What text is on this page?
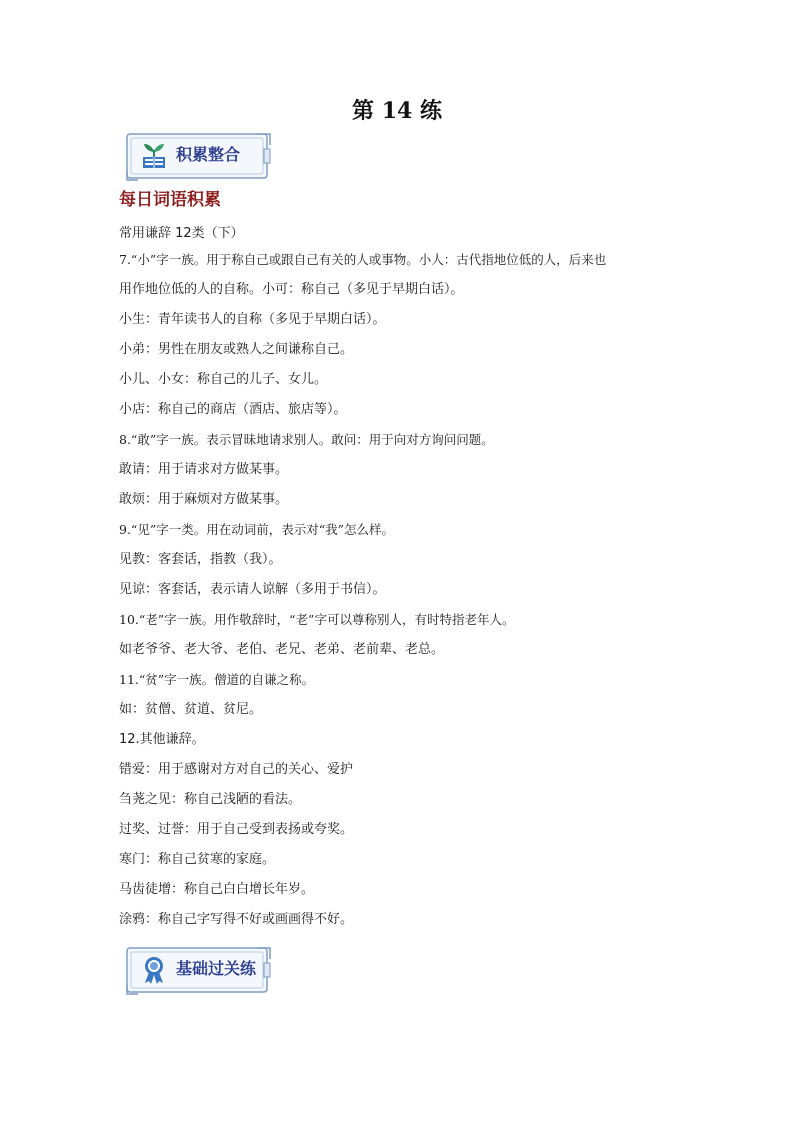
第 14 练
积累整合
每日词语积累
常用谦辞 12类（下）
7.“小”字一族。用于称自己或跟自己有关的人或事物。小人：古代指地位低的人，后来也
用作地位低的人的自称。小可：称自己（多见于早期白话）。
小生：青年读书人的自称（多见于早期白话）。
小弟：男性在朋友或熟人之间谦称自己。
小儿、小女：称自己的儿子、女儿。
小店：称自己的商店（酒店、旅店等）。
8.“敢”字一族。表示冒昧地请求别人。敢问：用于向对方询问问题。
敢请：用于请求对方做某事。
敢烦：用于麻烦对方做某事。
9.“见”字一类。用在动词前，表示对“我”怎么样。
见教：客套话，指教（我）。
见谅：客套话，表示请人谅解（多用于书信）。
10.“老”字一族。用作敬辞时，“老”字可以尊称别人，有时特指老年人。
如老爷爷、老大爷、老伯、老兄、老弟、老前辈、老总。
11.“贫”字一族。僧道的自谦之称。
如：贫僧、贫道、贫尼。
12.其他谦辞。
错爱：用于感谢对方对自己的关心、爱护
刍荛之见：称自己浅陋的看法。
过奖、过誉：用于自己受到表扬或夸奖。
寒门：称自己贫寒的家庭。
马齿徒增：称自己白白增长年岁。
涂鸦：称自己字写得不好或画画得不好。
基础过关练
